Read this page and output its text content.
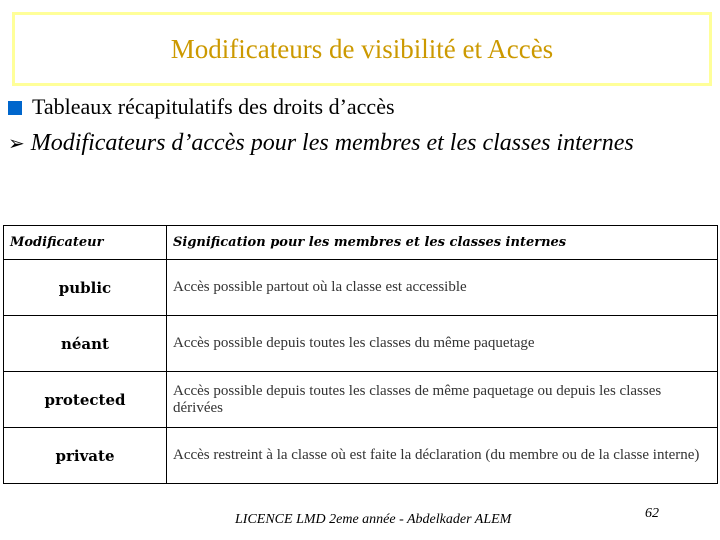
Modificateurs de visibilité et Accès
Tableaux récapitulatifs des droits d’accès
➢ Modificateurs d’accès pour les membres et les classes internes
Modificateur	Signification pour les membres et les classes internes
public	Accès possible partout où la classe est accessible
néant	Accès possible depuis toutes les classes du même paquetage
protected	Accès possible depuis toutes les classes de même paquetage ou depuis les classes dérivées
private	Accès restreint à la classe où est faite la déclaration (du membre ou de la classe interne)
LICENCE LMD 2eme année - Abdelkader ALEM	62
